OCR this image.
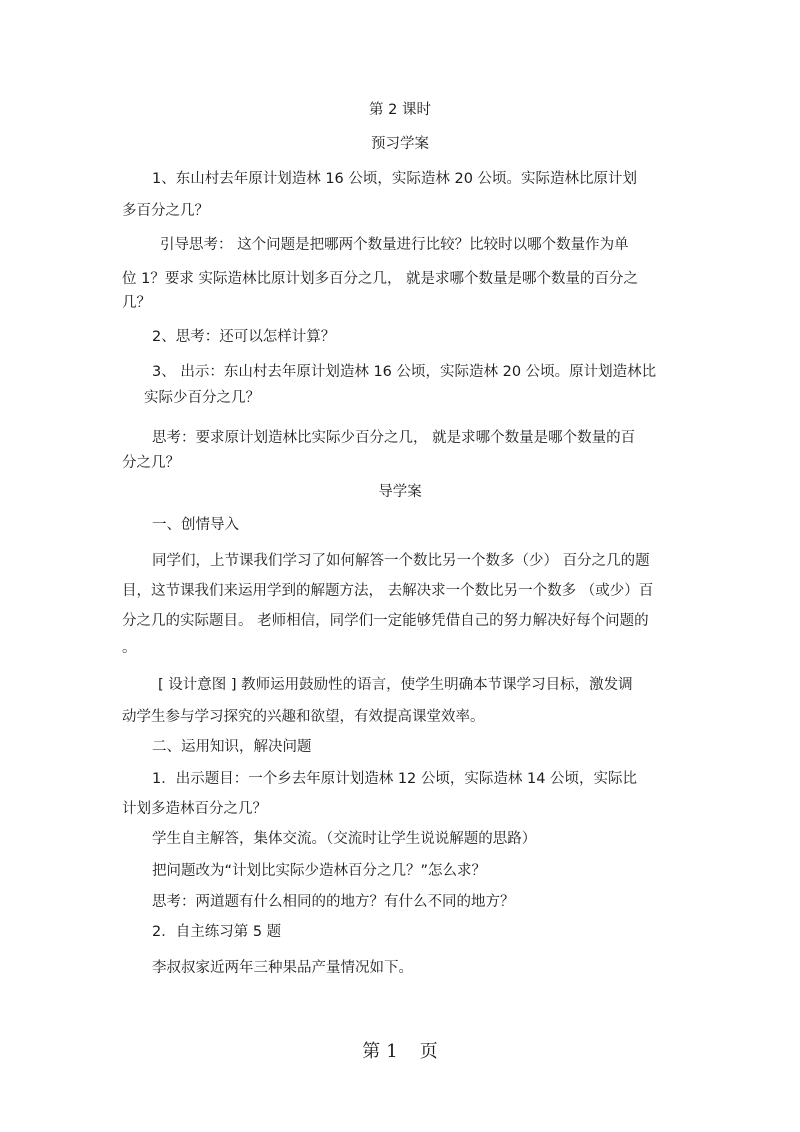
第 2 课时
预习学案
1、东山村去年原计划造林 16 公顷，实际造林 20 公顷。实际造林比原计划
多百分之几？
引导思考： 这个问题是把哪两个数量进行比较？比较时以哪个数量作为单
位 1？要求 实际造林比原计划多百分之几， 就是求哪个数量是哪个数量的百分之
几？
2、思考：还可以怎样计算？
3、 出示：东山村去年原计划造林 16 公顷，实际造林 20 公顷。原计划造林比
实际少百分之几？
思考：要求原计划造林比实际少百分之几， 就是求哪个数量是哪个数量的百
分之几？
导学案
一、创情导入
同学们，上节课我们学习了如何解答一个数比另一个数多（少） 百分之几的题
目，这节课我们来运用学到的解题方法， 去解决求一个数比另一个数多 （或少）百
分之几的实际题目。 老师相信，同学们一定能够凭借自己的努力解决好每个问题的
。
[ 设计意图 ] 教师运用鼓励性的语言，使学生明确本节课学习目标，激发调
动学生参与学习探究的兴趣和欲望，有效提高课堂效率。
二、运用知识，解决问题
1．出示题目：一个乡去年原计划造林 12 公顷，实际造林 14 公顷，实际比
计划多造林百分之几？
学生自主解答，集体交流。（交流时让学生说说解题的思路）
把问题改为“计划比实际少造林百分之几？”怎么求？
思考：两道题有什么相同的的地方？有什么不同的地方？
2．自主练习第 5 题
李叔叔家近两年三种果品产量情况如下。
第 1 页
